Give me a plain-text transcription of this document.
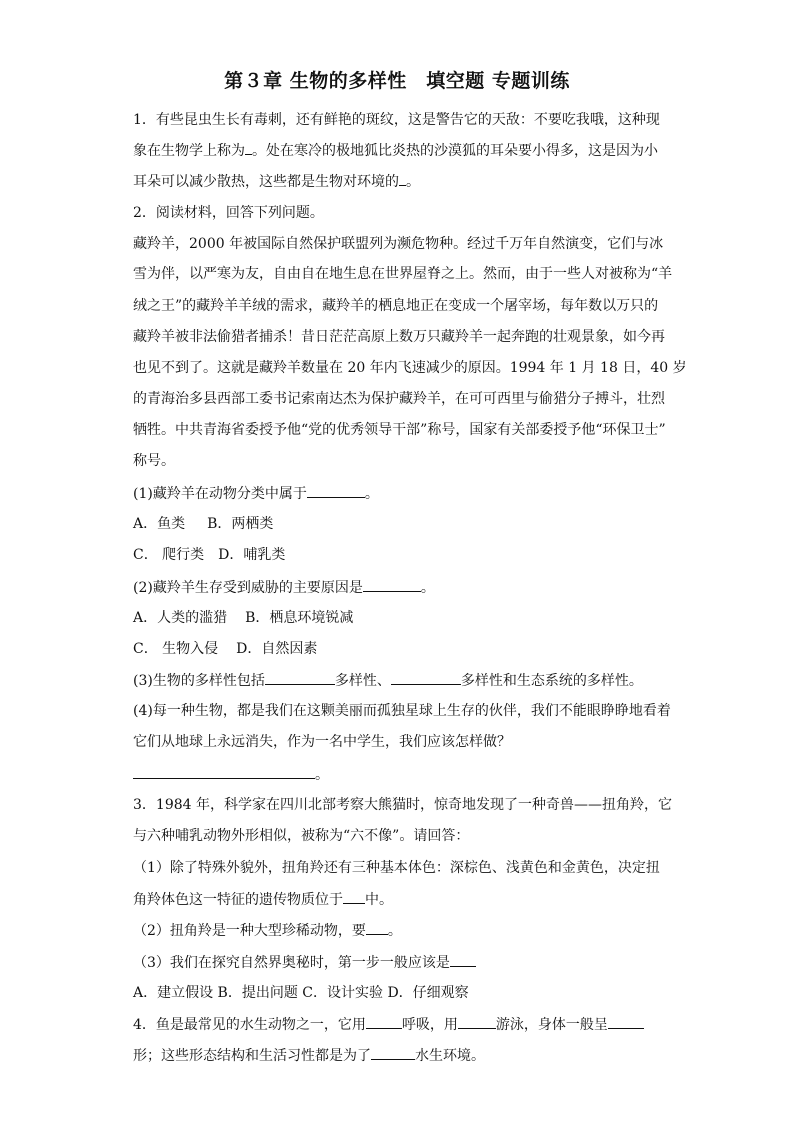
第３章 生物的多样性　填空题 专题训练
1．有些昆虫生长有毒刺，还有鲜艳的斑纹，这是警告它的天敌：不要吃我哦，这种现
象在生物学上称为 。处在寒冷的极地狐比炎热的沙漠狐的耳朵要小得多，这是因为小
耳朵可以减少散热，这些都是生物对环境的 。
2．阅读材料，回答下列问题。
藏羚羊，2000 年被国际自然保护联盟列为濒危物种。经过千万年自然演变，它们与冰
雪为伴，以严寒为友，自由自在地生息在世界屋脊之上。然而，由于一些人对被称为“羊
绒之王”的藏羚羊羊绒的需求，藏羚羊的栖息地正在变成一个屠宰场，每年数以万只的
藏羚羊被非法偷猎者捕杀！昔日茫茫高原上数万只藏羚羊一起奔跑的壮观景象，如今再
也见不到了。这就是藏羚羊数量在 20 年内飞速减少的原因。1994 年 1 月 18 日，40 岁
的青海治多县西部工委书记索南达杰为保护藏羚羊，在可可西里与偷猎分子搏斗，壮烈
牺牲。中共青海省委授予他“党的优秀领导干部”称号，国家有关部委授予他“环保卫士”
称号。
(1)藏羚羊在动物分类中属于	。
A．鱼类 B．两栖类
C． 爬行类 D．哺乳类
(2)藏羚羊生存受到威胁的主要原因是	。
A．人类的滥猎 B．栖息环境锐减
C． 生物入侵 D．自然因素
(3)生物的多样性包括	多样性、	多样性和生态系统的多样性。
(4)每一种生物，都是我们在这颗美丽而孤独星球上生存的伙伴，我们不能眼睁睁地看着
它们从地球上永远消失，作为一名中学生，我们应该怎样做？
。
3．1984 年，科学家在四川北部考察大熊猫时，惊奇地发现了一种奇兽——扭角羚，它
与六种哺乳动物外形相似，被称为“六不像”。请回答：
（1）除了特殊外貌外，扭角羚还有三种基本体色：深棕色、浅黄色和金黄色，决定扭
角羚体色这一特征的遗传物质位于 中。
（2）扭角羚是一种大型珍稀动物，要 。
（3）我们在探究自然界奥秘时，第一步一般应该是
A．建立假设 B．提出问题 C．设计实验 D．仔细观察
4．鱼是最常见的水生动物之一，它用	呼吸，用	游泳，身体一般呈
形；这些形态结构和生活习性都是为了	水生环境。
